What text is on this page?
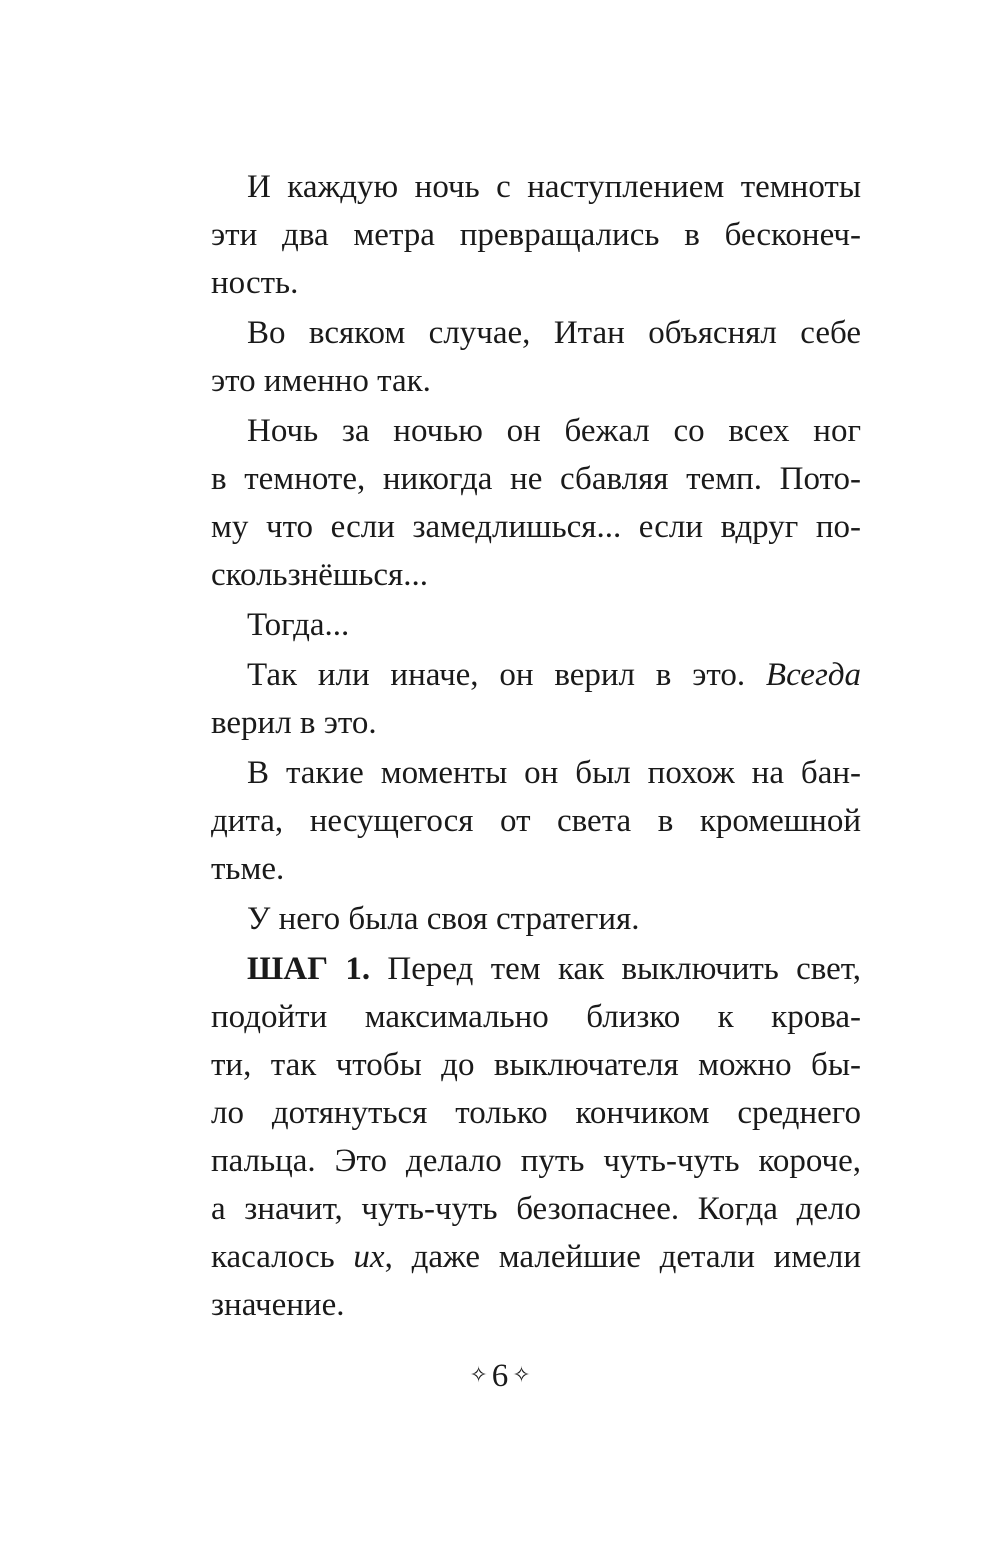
И каждую ночь с наступлением темноты
эти два метра превращались в бесконеч-
ность.
Во всяком случае, Итан объяснял себе
это именно так.
Ночь за ночью он бежал со всех ног
в темноте, никогда не сбавляя темп. Пото-
му что если замедлишься... если вдруг по-
скользнёшься...
Тогда...
Так или иначе, он верил в это. Всегда
верил в это.
В такие моменты он был похож на бан-
дита, несущегося от света в кромешной
тьме.
У него была своя стратегия.
ШАГ 1. Перед тем как выключить свет,
подойти максимально близко к крова-
ти, так чтобы до выключателя можно бы-
ло дотянуться только кончиком среднего
пальца. Это делало путь чуть-чуть короче,
а значит, чуть-чуть безопаснее. Когда дело
касалось их, даже малейшие детали имели
значение.
✧ 6 ✧
